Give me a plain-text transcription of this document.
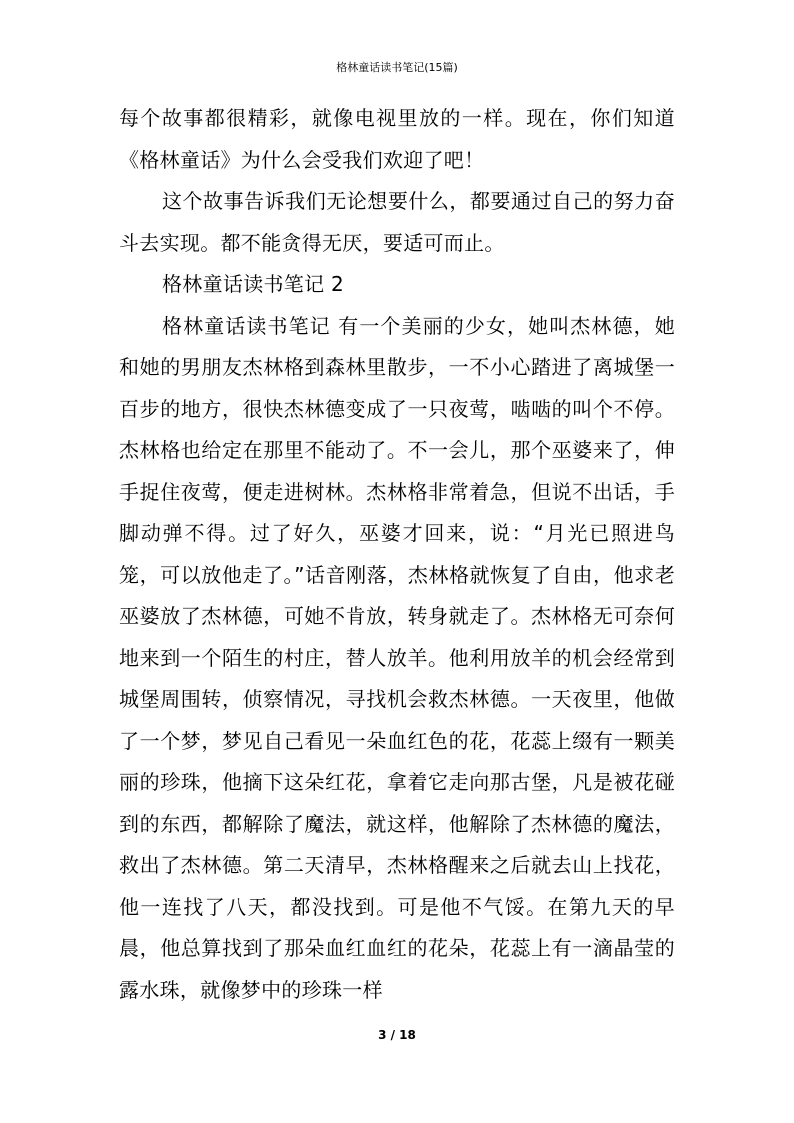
格林童话读书笔记(15篇)

每个故事都很精彩，就像电视里放的一样。现在，你们知道《格林童话》为什么会受我们欢迎了吧！

这个故事告诉我们无论想要什么，都要通过自己的努力奋斗去实现。都不能贪得无厌，要适可而止。

格林童话读书笔记 2

格林童话读书笔记 有一个美丽的少女，她叫杰林德，她和她的男朋友杰林格到森林里散步，一不小心踏进了离城堡一百步的地方，很快杰林德变成了一只夜莺，啮啮的叫个不停。杰林格也给定在那里不能动了。不一会儿，那个巫婆来了，伸手捉住夜莺，便走进树林。杰林格非常着急，但说不出话，手脚动弹不得。过了好久，巫婆才回来，说：“月光已照进鸟笼，可以放他走了。”话音刚落，杰林格就恢复了自由，他求老巫婆放了杰林德，可她不肯放，转身就走了。杰林格无可奈何地来到一个陌生的村庄，替人放羊。他利用放羊的机会经常到城堡周围转，侦察情况，寻找机会救杰林德。一天夜里，他做了一个梦，梦见自己看见一朵血红色的花，花蕊上缀有一颗美丽的珍珠，他摘下这朵红花，拿着它走向那古堡，凡是被花碰到的东西，都解除了魔法，就这样，他解除了杰林德的魔法，救出了杰林德。第二天清早，杰林格醒来之后就去山上找花，他一连找了八天，都没找到。可是他不气馁。在第九天的早晨，他总算找到了那朵血红血红的花朵，花蕊上有一滴晶莹的露水珠，就像梦中的珍珠一样

3 / 18
